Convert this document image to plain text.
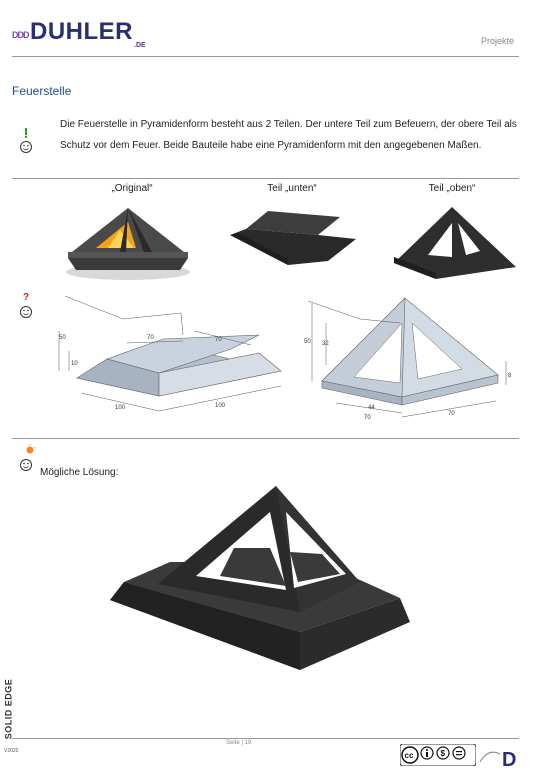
DDD DUHLER
.DE	Projekte
Feuerstelle
Die Feuerstelle in Pyramidenform besteht aus 2 Teilen. Der untere Teil zum Befeuern, der obere Teil als Schutz vor dem Feuer. Beide Bauteile habe eine Pyramidenform mit den angegebenen Maßen.
„Original“	Teil „unten“	Teil „oben“
?
70	70
50
10
100	100
50 32
8
44
70
70
Mögliche Lösung:
Seite | 19
SOLID EDGE
V2020	cc	$	D
